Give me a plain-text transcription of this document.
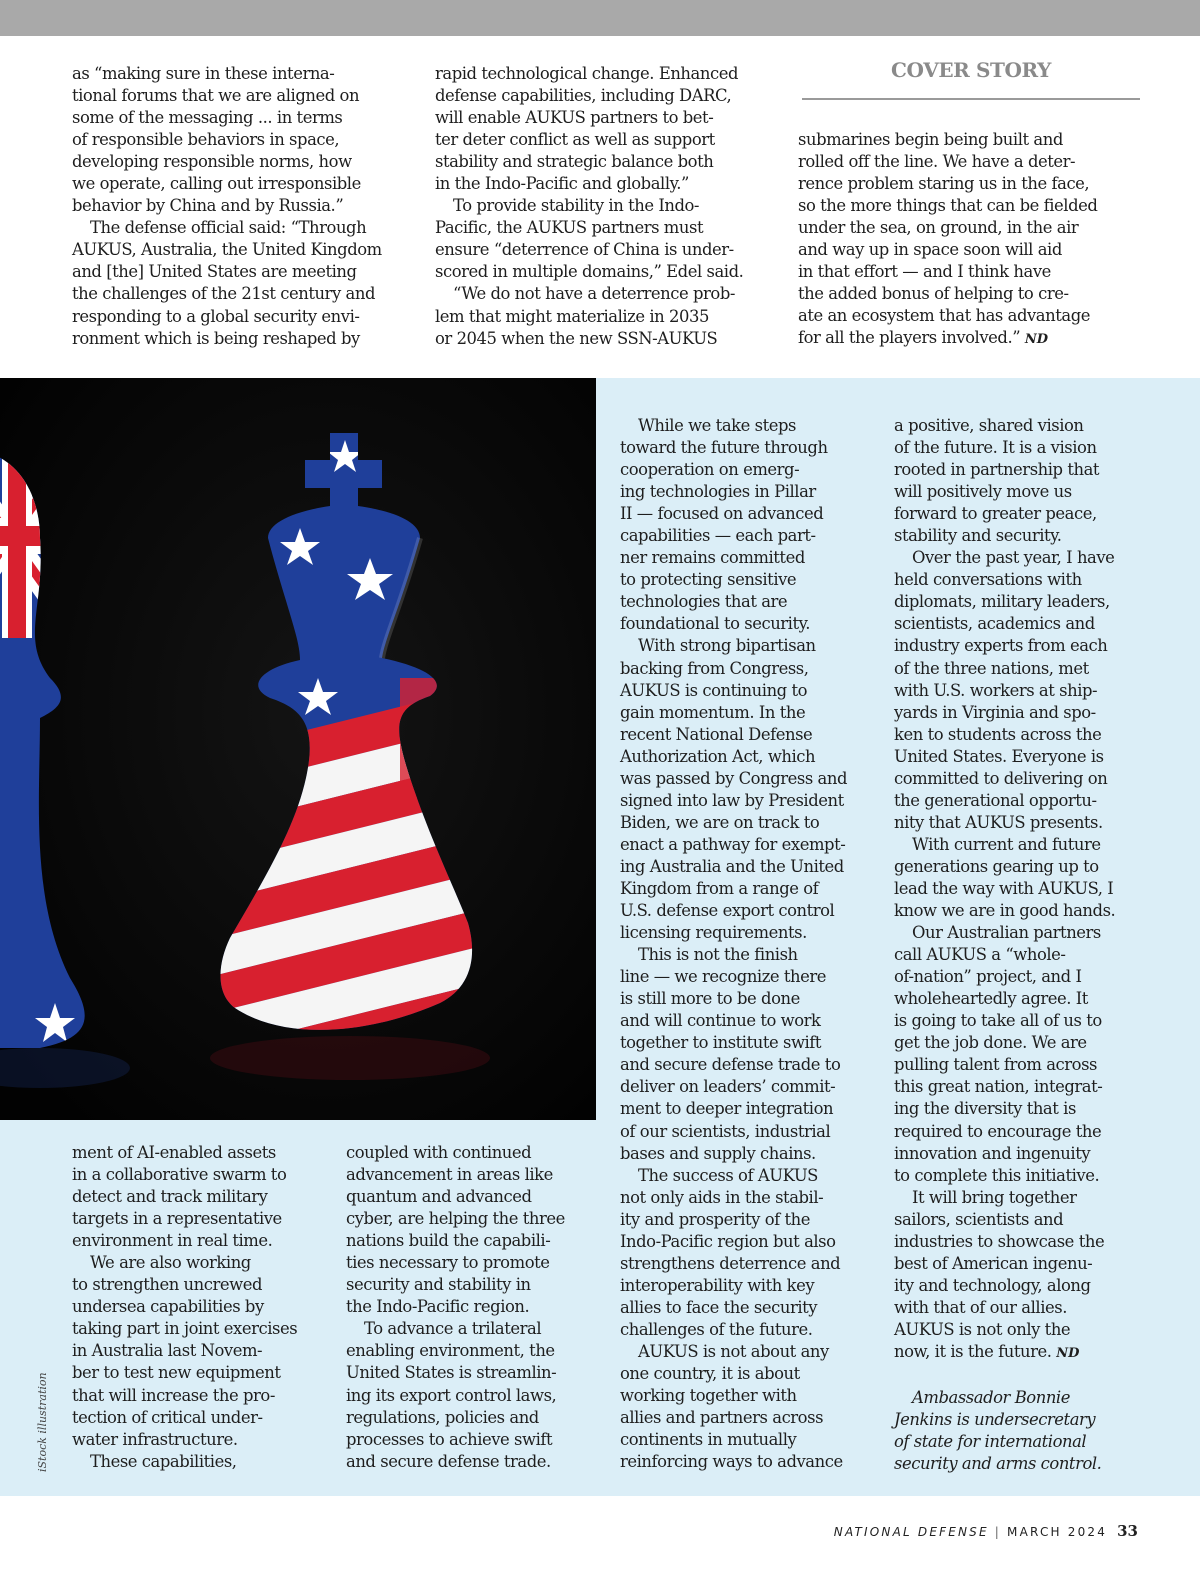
as “making sure in these interna-
tional forums that we are aligned on
some of the messaging ... in terms
of responsible behaviors in space,
developing responsible norms, how
we operate, calling out irresponsible
behavior by China and by Russia.”

The defense official said: “Through
AUKUS, Australia, the United Kingdom
and [the] United States are meeting
the challenges of the 21st century and
responding to a global security envi-
ronment which is being reshaped by

rapid technological change. Enhanced
defense capabilities, including DARC,
will enable AUKUS partners to bet-
ter deter conflict as well as support
stability and strategic balance both
in the Indo-Pacific and globally.”

To provide stability in the Indo-
Pacific, the AUKUS partners must
ensure “deterrence of China is under-
scored in multiple domains,” Edel said.

“We do not have a deterrence prob-
lem that might materialize in 2035
or 2045 when the new SSN-AUKUS

COVER STORY

submarines begin being built and
rolled off the line. We have a deter-
rence problem staring us in the face,
so the more things that can be fielded
under the sea, on ground, in the air
and way up in space soon will aid
in that effort — and I think have
the added bonus of helping to cre-
ate an ecosystem that has advantage
for all the players involved.” ND

iStock illustration

ment of AI-enabled assets
in a collaborative swarm to
detect and track military
targets in a representative
environment in real time.

We are also working
to strengthen uncrewed
undersea capabilities by
taking part in joint exercises
in Australia last Novem-
ber to test new equipment
that will increase the pro-
tection of critical under-
water infrastructure.

These capabilities,

coupled with continued
advancement in areas like
quantum and advanced
cyber, are helping the three
nations build the capabili-
ties necessary to promote
security and stability in
the Indo-Pacific region.

To advance a trilateral
enabling environment, the
United States is streamlin-
ing its export control laws,
regulations, policies and
processes to achieve swift
and secure defense trade.

While we take steps
toward the future through
cooperation on emerg-
ing technologies in Pillar
II — focused on advanced
capabilities — each part-
ner remains committed
to protecting sensitive
technologies that are
foundational to security.

With strong bipartisan
backing from Congress,
AUKUS is continuing to
gain momentum. In the
recent National Defense
Authorization Act, which
was passed by Congress and
signed into law by President
Biden, we are on track to
enact a pathway for exempt-
ing Australia and the United
Kingdom from a range of
U.S. defense export control
licensing requirements.

This is not the finish
line — we recognize there
is still more to be done
and will continue to work
together to institute swift
and secure defense trade to
deliver on leaders’ commit-
ment to deeper integration
of our scientists, industrial
bases and supply chains.

The success of AUKUS
not only aids in the stabil-
ity and prosperity of the
Indo-Pacific region but also
strengthens deterrence and
interoperability with key
allies to face the security
challenges of the future.

AUKUS is not about any
one country, it is about
working together with
allies and partners across
continents in mutually
reinforcing ways to advance

a positive, shared vision
of the future. It is a vision
rooted in partnership that
will positively move us
forward to greater peace,
stability and security.

Over the past year, I have
held conversations with
diplomats, military leaders,
scientists, academics and
industry experts from each
of the three nations, met
with U.S. workers at ship-
yards in Virginia and spo-
ken to students across the
United States. Everyone is
committed to delivering on
the generational opportu-
nity that AUKUS presents.

With current and future
generations gearing up to
lead the way with AUKUS, I
know we are in good hands.

Our Australian partners
call AUKUS a “whole-
of-nation” project, and I
wholeheartedly agree. It
is going to take all of us to
get the job done. We are
pulling talent from across
this great nation, integrat-
ing the diversity that is
required to encourage the
innovation and ingenuity
to complete this initiative.

It will bring together
sailors, scientists and
industries to showcase the
best of American ingenu-
ity and technology, along
with that of our allies.
AUKUS is not only the
now, it is the future. ND

Ambassador Bonnie
Jenkins is undersecretary
of state for international
security and arms control.

NATIONAL DEFENSE | MARCH 2024 33
